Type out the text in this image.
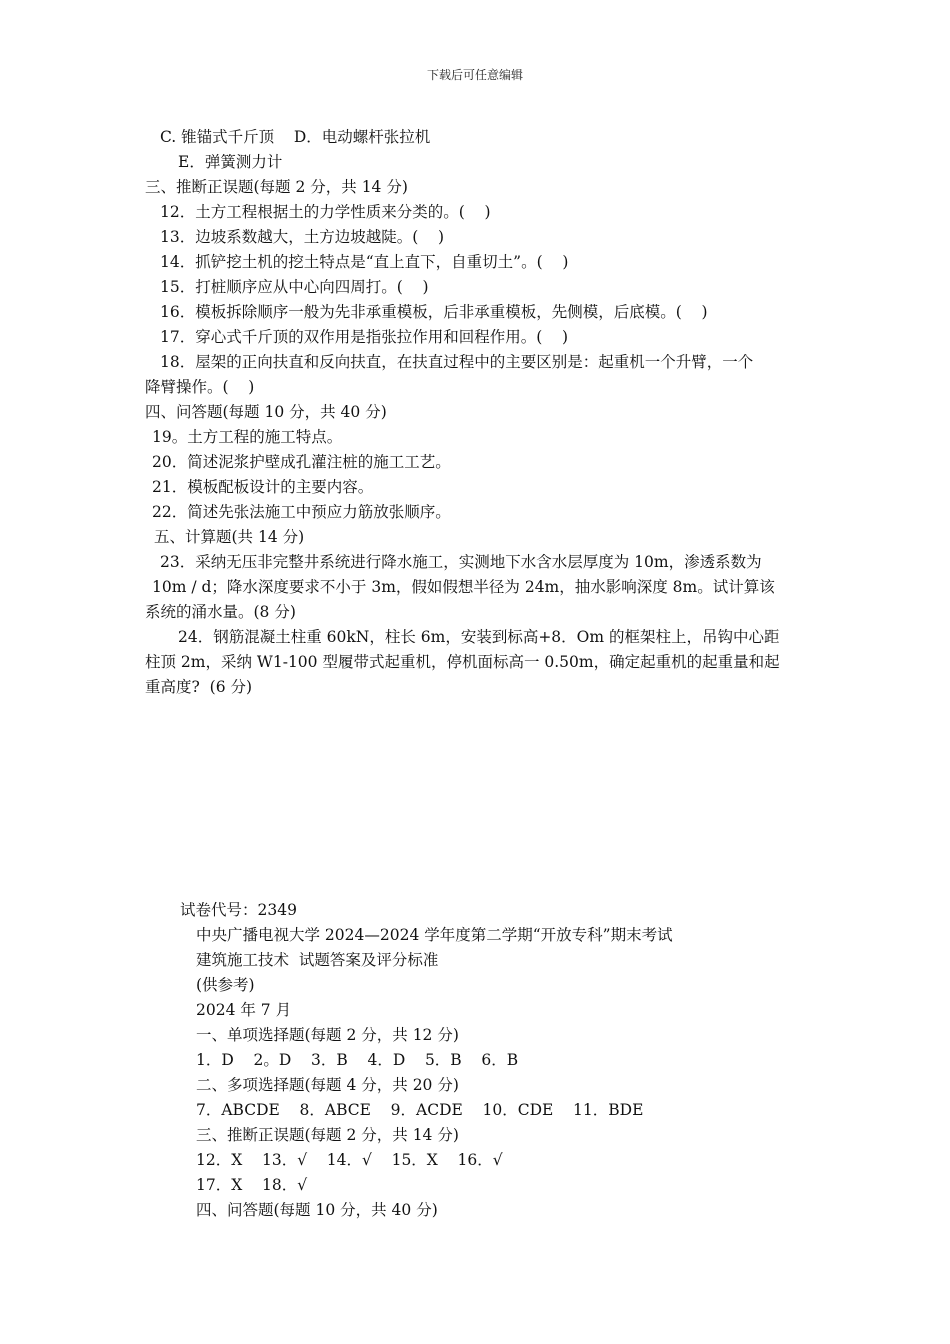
下载后可任意编辑
C. 锥锚式千斤顶    D．电动螺杆张拉机
E．弹簧测力计
三、推断正误题(每题 2 分，共 14 分)
12．土方工程根据土的力学性质来分类的。(    )
13．边坡系数越大，土方边坡越陡。(    )
14．抓铲挖土机的挖土特点是“直上直下，自重切土”。(    )
15．打桩顺序应从中心向四周打。(    )
16．模板拆除顺序一般为先非承重模板，后非承重模板，先侧模，后底模。(    )
17．穿心式千斤顶的双作用是指张拉作用和回程作用。(    )
18．屋架的正向扶直和反向扶直，在扶直过程中的主要区别是：起重机一个升臂，一个
降臂操作。(    )
四、问答题(每题 10 分，共 40 分)
19。土方工程的施工特点。
20．简述泥浆护壁成孔灌注桩的施工工艺。
21．模板配板设计的主要内容。
22．简述先张法施工中预应力筋放张顺序。
五、计算题(共 14 分)
23．采纳无压非完整井系统进行降水施工，实测地下水含水层厚度为 10m，渗透系数为
10m / d；降水深度要求不小于 3m，假如假想半径为 24m，抽水影响深度 8m。试计算该
系统的涌水量。(8 分)
24．钢筋混凝土柱重 60kN，柱长 6m，安装到标高+8．Om 的框架柱上，吊钩中心距
柱顶 2m，采纳 W1-100 型履带式起重机，停机面标高一 0.50m，确定起重机的起重量和起
重高度?  (6 分)
试卷代号：2349
中央广播电视大学 2024—2024 学年度第二学期“开放专科”期末考试
建筑施工技术  试题答案及评分标准
(供参考)
2024 年 7 月
一、单项选择题(每题 2 分，共 12 分)
1．D    2。D    3．B    4．D    5．B    6．B
二、多项选择题(每题 4 分，共 20 分)
7．ABCDE    8．ABCE    9．ACDE    10．CDE    11．BDE
三、推断正误题(每题 2 分，共 14 分)
12．X    13．√    14．√    15．X    16．√
17．X    18．√
四、问答题(每题 10 分，共 40 分)
